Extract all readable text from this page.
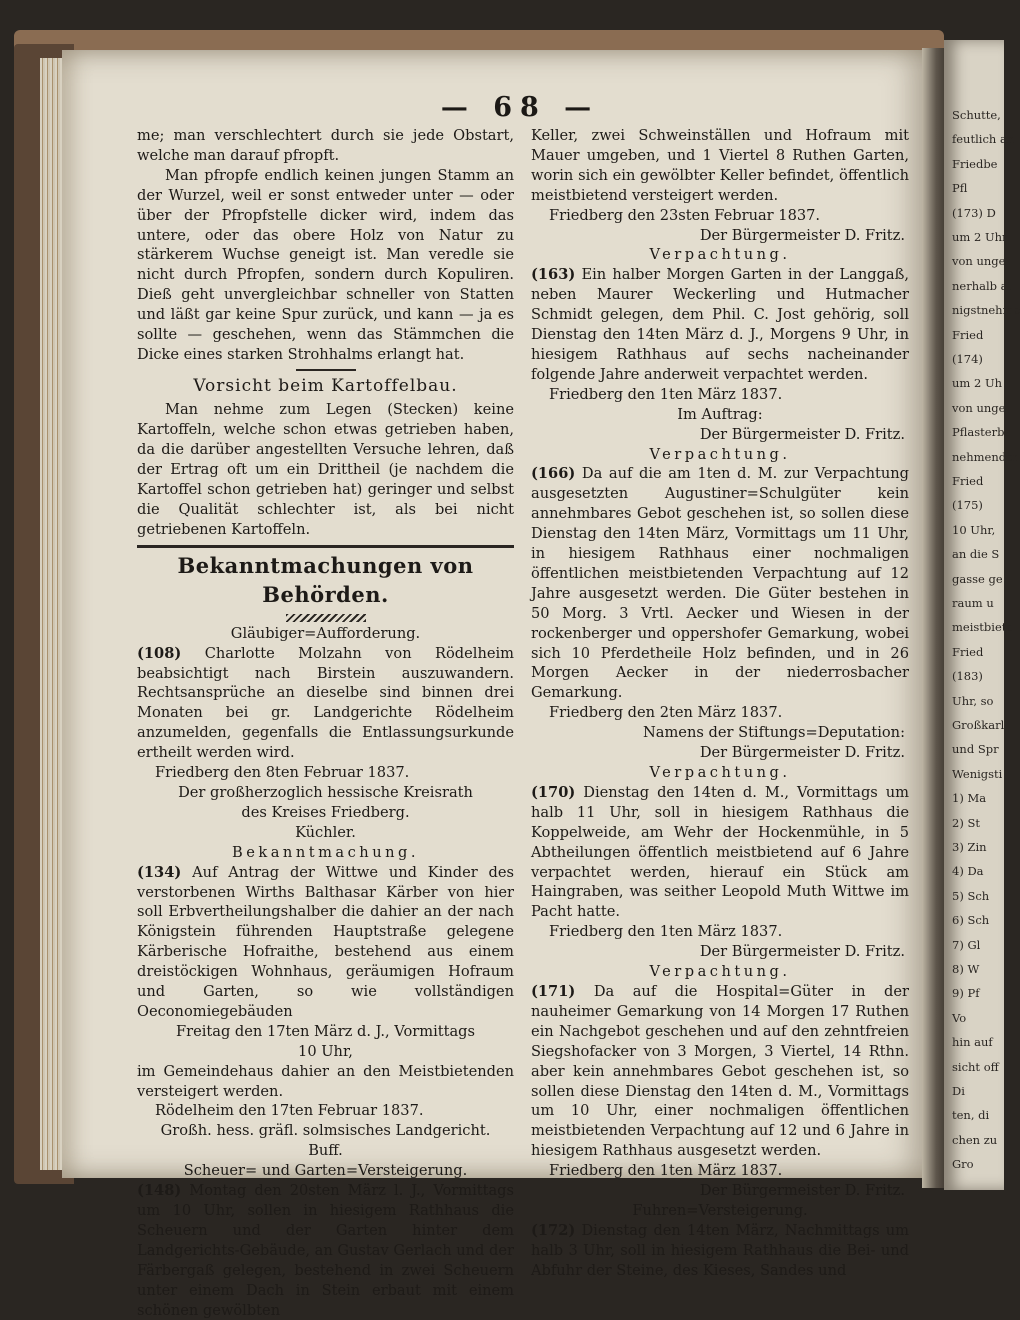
— 68 —

me; man verschlechtert durch sie jede Obstart, welche man darauf pfropft.

Man pfropfe endlich keinen jungen Stamm an der Wurzel, weil er sonst entweder unter — oder über der Pfropfstelle dicker wird, indem das untere, oder das obere Holz von Natur zu stärkerem Wuchse geneigt ist. Man veredle sie nicht durch Pfropfen, sondern durch Kopuliren. Dieß geht unvergleichbar schneller von Statten und läßt gar keine Spur zurück, und kann — ja es sollte — geschehen, wenn das Stämmchen die Dicke eines starken Strohhalms erlangt hat.

Vorsicht beim Kartoffelbau.

Man nehme zum Legen (Stecken) keine Kartoffeln, welche schon etwas getrieben haben, da die darüber angestellten Versuche lehren, daß der Ertrag oft um ein Drittheil (je nachdem die Kartoffel schon getrieben hat) geringer und selbst die Qualität schlechter ist, als bei nicht getriebenen Kartoffeln.

Bekanntmachungen von Behörden.

Gläubiger=Aufforderung.

(108) Charlotte Molzahn von Rödelheim beabsichtigt nach Birstein auszuwandern. Rechtsansprüche an dieselbe sind binnen drei Monaten bei gr. Landgerichte Rödelheim anzumelden, gegenfalls die Entlassungsurkunde ertheilt werden wird.

Friedberg den 8ten Februar 1837.

Der großherzoglich hessische Kreisrath

des Kreises Friedberg.

Küchler.

Bekanntmachung.

(134) Auf Antrag der Wittwe und Kinder des verstorbenen Wirths Balthasar Kärber von hier soll Erbvertheilungshalber die dahier an der nach Königstein führenden Hauptstraße gelegene Kärberische Hofraithe, bestehend aus einem dreistöckigen Wohnhaus, geräumigen Hofraum und Garten, so wie vollständigen Oeconomiegebäuden

Freitag den 17ten März d. J., Vormittags

10 Uhr,

im Gemeindehaus dahier an den Meistbietenden versteigert werden.

Rödelheim den 17ten Februar 1837.

Großh. hess. gräfl. solmsisches Landgericht.

Buff.

Scheuer= und Garten=Versteigerung.

(148) Montag den 20sten März l. J., Vormittags um 10 Uhr, sollen in hiesigem Rathhaus die Scheuern und der Garten hinter dem Landgerichts-Gebäude, an Gustav Gerlach und der Färbergaß gelegen, bestehend in zwei Scheuern unter einem Dach in Stein erbaut mit einem schönen gewölbten

Keller, zwei Schweinställen und Hofraum mit Mauer umgeben, und 1 Viertel 8 Ruthen Garten, worin sich ein gewölbter Keller befindet, öffentlich meistbietend versteigert werden.

Friedberg den 23sten Februar 1837.

Der Bürgermeister D. Fritz.

Verpachtung.

(163) Ein halber Morgen Garten in der Langgaß, neben Maurer Weckerling und Hutmacher Schmidt gelegen, dem Phil. C. Jost gehörig, soll Dienstag den 14ten März d. J., Morgens 9 Uhr, in hiesigem Rathhaus auf sechs nacheinander folgende Jahre anderweit verpachtet werden.

Friedberg den 1ten März 1837.

Im Auftrag:

Der Bürgermeister D. Fritz.

Verpachtung.

(166) Da auf die am 1ten d. M. zur Verpachtung ausgesetzten Augustiner=Schulgüter kein annehmbares Gebot geschehen ist, so sollen diese Dienstag den 14ten März, Vormittags um 11 Uhr, in hiesigem Rathhaus einer nochmaligen öffentlichen meistbietenden Verpachtung auf 12 Jahre ausgesetzt werden. Die Güter bestehen in 50 Morg. 3 Vrtl. Aecker und Wiesen in der rockenberger und oppershofer Gemarkung, wobei sich 10 Pferdetheile Holz befinden, und in 26 Morgen Aecker in der niederrosbacher Gemarkung.

Friedberg den 2ten März 1837.

Namens der Stiftungs=Deputation:

Der Bürgermeister D. Fritz.

Verpachtung.

(170) Dienstag den 14ten d. M., Vormittags um halb 11 Uhr, soll in hiesigem Rathhaus die Koppelweide, am Wehr der Hockenmühle, in 5 Abtheilungen öffentlich meistbietend auf 6 Jahre verpachtet werden, hierauf ein Stück am Haingraben, was seither Leopold Muth Wittwe im Pacht hatte.

Friedberg den 1ten März 1837.

Der Bürgermeister D. Fritz.

Verpachtung.

(171) Da auf die Hospital=Güter in der nauheimer Gemarkung von 14 Morgen 17 Ruthen ein Nachgebot geschehen und auf den zehntfreien Siegshofacker von 3 Morgen, 3 Viertel, 14 Rthn. aber kein annehmbares Gebot geschehen ist, so sollen diese Dienstag den 14ten d. M., Vormittags um 10 Uhr, einer nochmaligen öffentlichen meistbietenden Verpachtung auf 12 und 6 Jahre in hiesigem Rathhaus ausgesetzt werden.

Friedberg den 1ten März 1837.

Der Bürgermeister D. Fritz.

Fuhren=Versteigerung.

(172) Dienstag den 14ten März, Nachmittags um halb 3 Uhr, soll in hiesigem Rathhaus die Bei- und Abfuhr der Steine, des Kieses, Sandes und

Schutte,
feutlich an
Friedbe
Pfl
(173) D
um 2 Uhr
von ungef
nerhalb al
nigstnehme
Fried
(174)
um 2 Uh
von unge
Pflasterba
nehmender
Fried
(175)
10 Uhr,
an die S
gasse ge
raum u
meistbiete
Fried
(183)
Uhr, so
Großkarl
und Spr
Wenigsti
1) Ma
2) St
3) Zin
4) Da
5) Sch
6) Sch
7) Gl
8) W
9) Pf
Vo
hin auf
sicht off
Di
ten, di
chen zu
Gro
